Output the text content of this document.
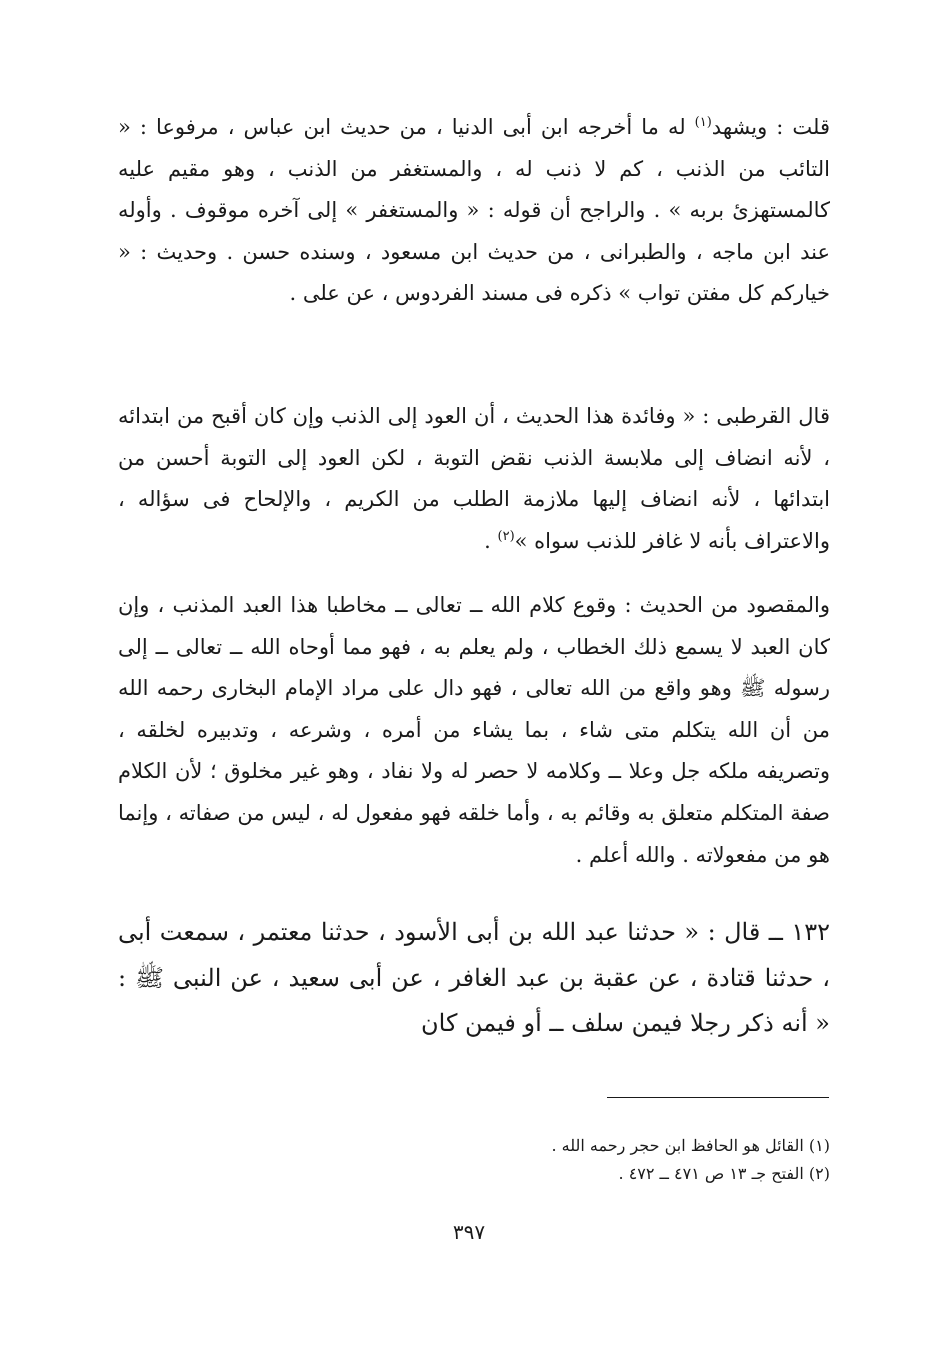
قلت : ويشهد$^{(١)}$ له ما أخرجه ابن أبى الدنيا ، من حديث ابن عباس ، مرفوعا : « التائب من الذنب ، كم لا ذنب له ، والمستغفر من الذنب ، وهو مقيم عليه كالمستهزئ بربه » . والراجح أن قوله : « والمستغفر » إلى آخره موقوف . وأوله عند ابن ماجه ، والطبرانى ، من حديث ابن مسعود ، وسنده حسن . وحديث : « خياركم كل مفتن تواب » ذكره فى مسند الفردوس ، عن على .

قال القرطبى : « وفائدة هذا الحديث ، أن العود إلى الذنب وإن كان أقبح من ابتدائه ، لأنه انضاف إلى ملابسة الذنب نقض التوبة ، لكن العود إلى التوبة أحسن من ابتدائها ، لأنه انضاف إليها ملازمة الطلب من الكريم ، والإلحاح فى سؤاله ، والاعتراف بأنه لا غافر للذنب سواه »$^{(٢)}$ .

والمقصود من الحديث : وقوع كلام الله ــ تعالى ــ مخاطبا هذا العبد المذنب ، وإن كان العبد لا يسمع ذلك الخطاب ، ولم يعلم به ، فهو مما أوحاه الله ــ تعالى ــ إلى رسوله ﷺ وهو واقع من الله تعالى ، فهو دال على مراد الإمام البخارى رحمه الله من أن الله يتكلم متى شاء ، بما يشاء من أمره ، وشرعه ، وتدبيره لخلقه ، وتصريفه ملكه جل وعلا ــ وكلامه لا حصر له ولا نفاد ، وهو غير مخلوق ؛ لأن الكلام صفة المتكلم متعلق به وقائم به ، وأما خلقه فهو مفعول له ، ليس من صفاته ، وإنما هو من مفعولاته . والله أعلم .

١٣٢ ــ قال : « حدثنا عبد الله بن أبى الأسود ، حدثنا معتمر ، سمعت أبى ، حدثنا قتادة ، عن عقبة بن عبد الغافر ، عن أبى سعيد ، عن النبى ﷺ : « أنه ذكر رجلا فيمن سلف ــ أو فيمن كان

(١) القائل هو الحافظ ابن حجر رحمه الله .
(٢) الفتح جـ ١٣ ص ٤٧١ ــ ٤٧٢ .
٣٩٧
